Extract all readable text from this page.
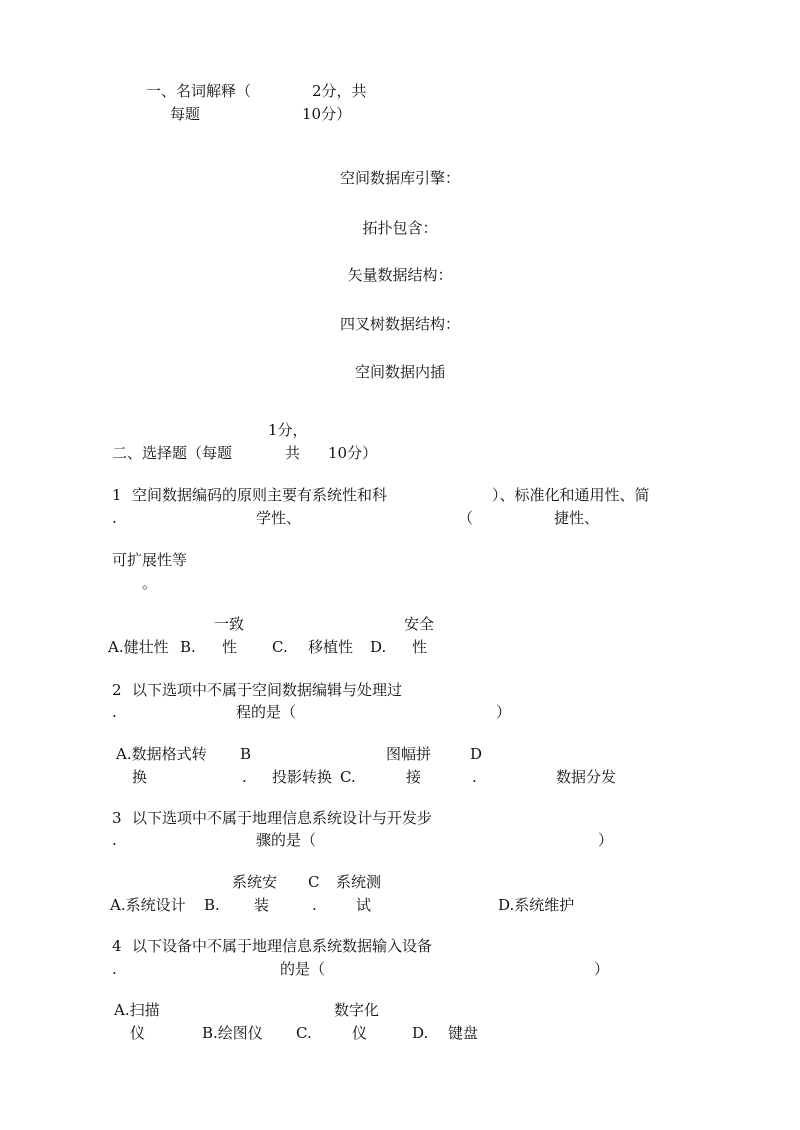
一、名词解释（	2分，共
每题	10分）
空间数据库引擎：
拓扑包含：
矢量数据结构：
四叉树数据结构：
空间数据内插
1分，
二、选择题（每题	共 10分）
1 空间数据编码的原则主要有系统性和科	）、标准化和通用性、简
.	学性、	（	捷性、
可扩展性等
。
一致	安全
A.健壮性 B. 性 C. 移植性 D. 性
2 以下选项中不属于空间数据编辑与处理过
.	程的是（	）
A.数据格式转 B	图幅拼	D
换	. 投影转换 C.	接	.	数据分发
3 以下选项中不属于地理信息系统设计与开发步
.	骤的是（	）
系统安 C 系统测
A.系统设计 B. 装	.	试	D.系统维护
4 以下设备中不属于地理信息系统数据输入设备
.	的是（	）
A.扫描	数字化
仪	B.绘图仪 C.	仪	D. 键盘
